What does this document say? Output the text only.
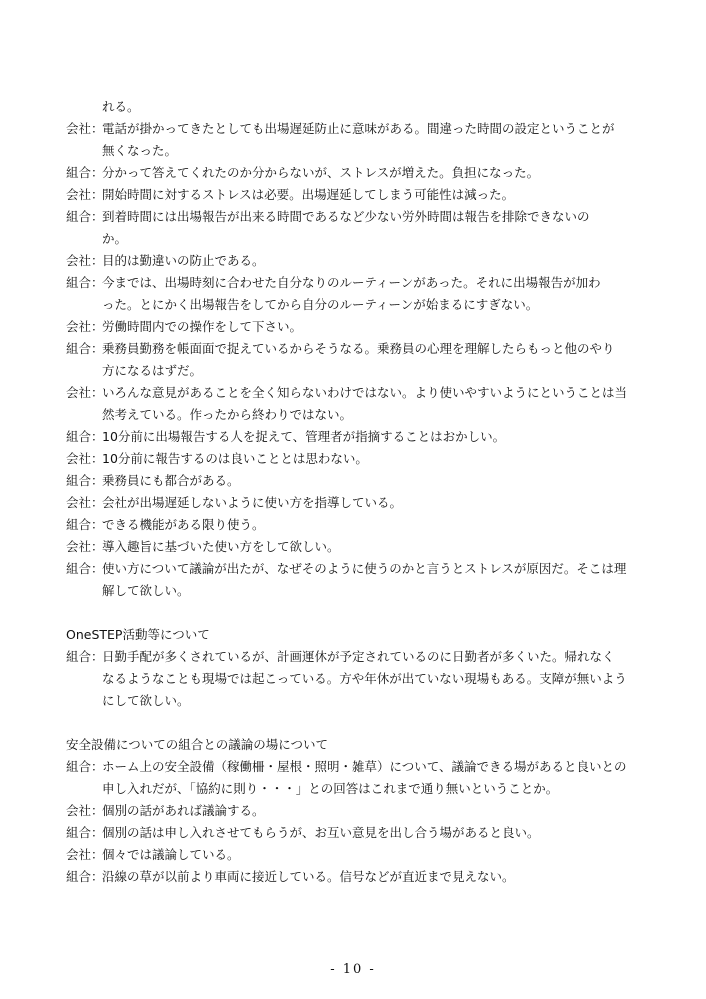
れる。
会社：
電話が掛かってきたとしても出場遅延防止に意味がある。間違った時間の設定ということが
無くなった。
組合：
分かって答えてくれたのか分からないが、ストレスが増えた。負担になった。
会社：
開始時間に対するストレスは必要。出場遅延してしまう可能性は減った。
組合：
到着時間には出場報告が出来る時間であるなど少ない労外時間は報告を排除できないの
か。
会社：
目的は勤違いの防止である。
組合：
今までは、出場時刻に合わせた自分なりのルーティーンがあった。それに出場報告が加わ
った。とにかく出場報告をしてから自分のルーティーンが始まるにすぎない。
会社：
労働時間内での操作をして下さい。
組合：
乗務員勤務を帳面面で捉えているからそうなる。乗務員の心理を理解したらもっと他のやり
方になるはずだ。
会社：
いろんな意見があることを全く知らないわけではない。より使いやすいようにということは当
然考えている。作ったから終わりではない。
組合：
10分前に出場報告する人を捉えて、管理者が指摘することはおかしい。
会社：
10分前に報告するのは良いこととは思わない。
組合：
乗務員にも都合がある。
会社：
会社が出場遅延しないように使い方を指導している。
組合：
できる機能がある限り使う。
会社：
導入趣旨に基づいた使い方をして欲しい。
組合：
使い方について議論が出たが、なぜそのように使うのかと言うとストレスが原因だ。そこは理
解して欲しい。
OneSTEP活動等について
組合：
日勤手配が多くされているが、計画運休が予定されているのに日勤者が多くいた。帰れなく
なるようなことも現場では起こっている。方や年休が出ていない現場もある。支障が無いよう
にして欲しい。
安全設備についての組合との議論の場について
組合：
ホーム上の安全設備（稼働柵・屋根・照明・雑草）について、議論できる場があると良いとの
申し入れだが、「協約に則り・・・」との回答はこれまで通り無いということか。
会社：
個別の話があれば議論する。
組合：
個別の話は申し入れさせてもらうが、お互い意見を出し合う場があると良い。
会社：
個々では議論している。
組合：
沿線の草が以前より車両に接近している。信号などが直近まで見えない。
- 10 -
